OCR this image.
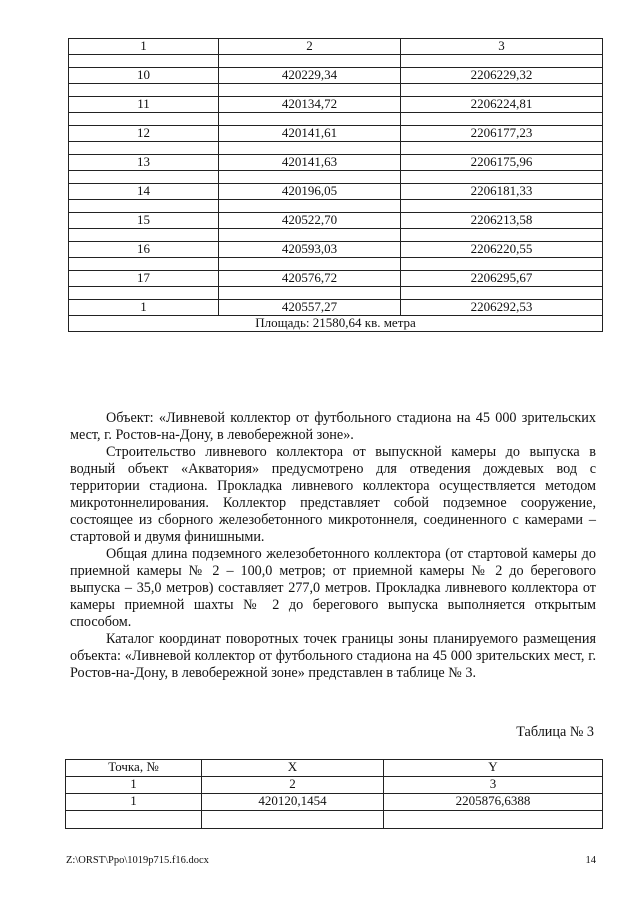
1	2	3

10	420229,34	2206229,32

11	420134,72	2206224,81

12	420141,61	2206177,23

13	420141,63	2206175,96

14	420196,05	2206181,33

15	420522,70	2206213,58

16	420593,03	2206220,55

17	420576,72	2206295,67

1	420557,27	2206292,53
Площадь: 21580,64 кв. метра		

Объект: «Ливневой коллектор от футбольного стадиона на 45 000 зрительских мест, г. Ростов-на-Дону, в левобережной зоне».

Строительство ливневого коллектора от выпускной камеры до выпуска в водный объект «Акватория» предусмотрено для отведения дождевых вод с территории стадиона. Прокладка ливневого коллектора осуществляется методом микротоннелирования. Коллектор представляет собой подземное сооружение, состоящее из сборного железобетонного микротоннеля, соединенного с камерами – стартовой и двумя финишными.

Общая длина подземного железобетонного коллектора (от стартовой камеры до приемной камеры № 2 – 100,0 метров; от приемной камеры № 2 до берегового выпуска – 35,0 метров) составляет 277,0 метров. Прокладка ливневого коллектора от камеры приемной шахты № 2 до берегового выпуска выполняется открытым способом.

Каталог координат поворотных точек границы зоны планируемого размещения объекта: «Ливневой коллектор от футбольного стадиона на 45 000 зрительских мест, г. Ростов-на-Дону, в левобережной зоне» представлен в таблице № 3.

Таблица № 3
Точка, №	X	Y
1	2	3
1	420120,1454	2205876,6388

Z:\ORST\Ppo\1019p715.f16.docx	14
